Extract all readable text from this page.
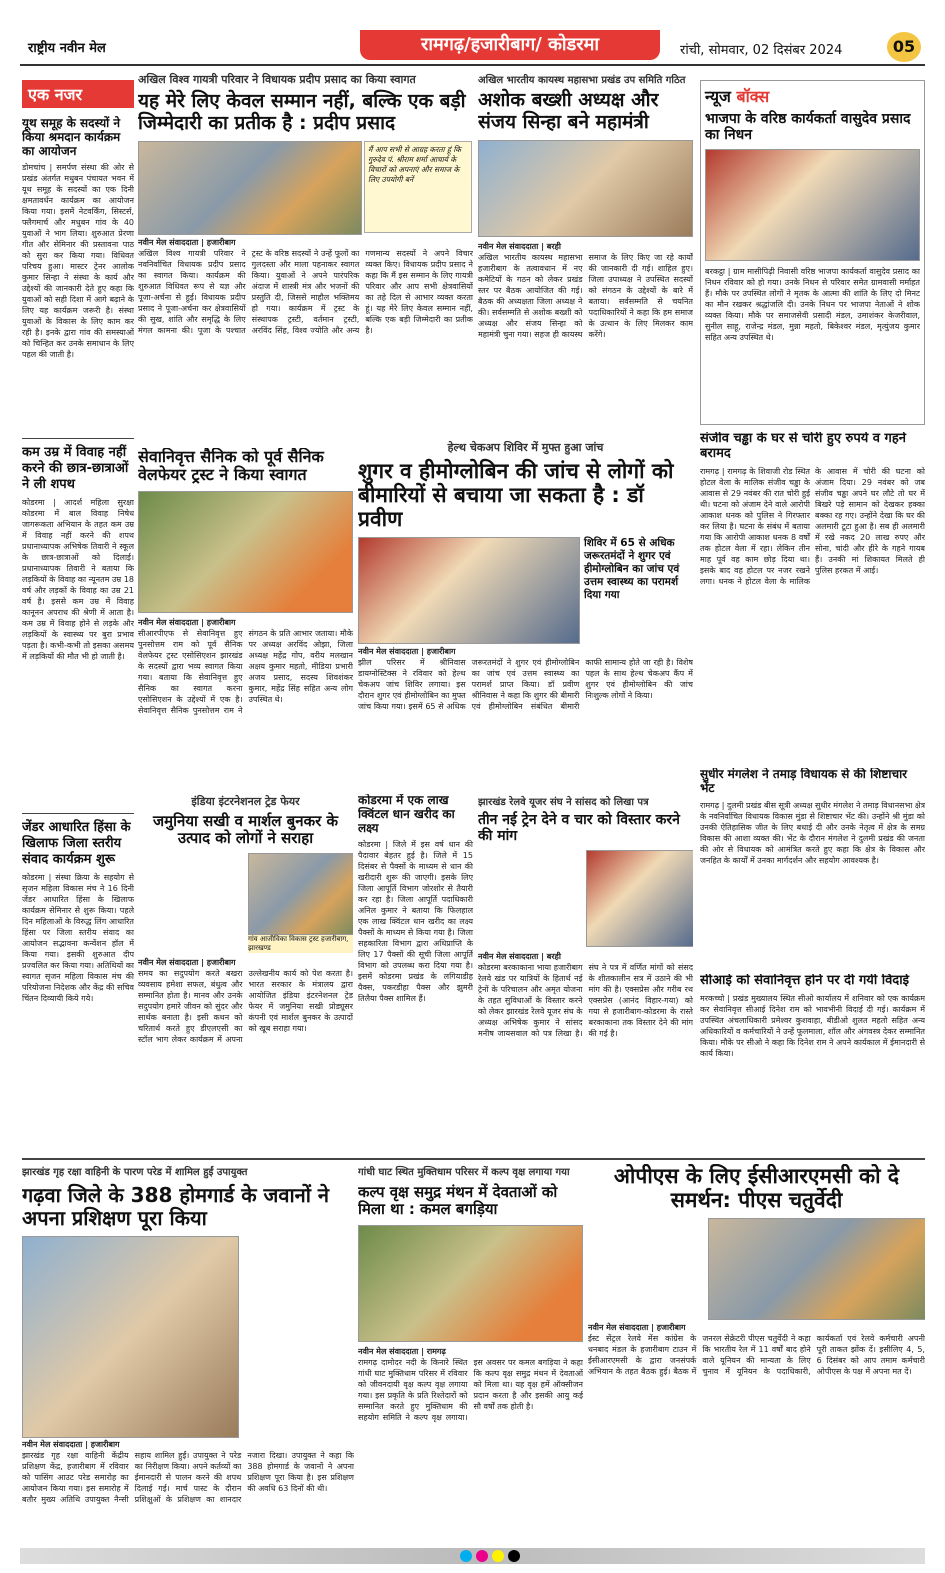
राष्ट्रीय नवीन मेल	रामगढ़/हजारीबाग/ कोडरमा	रांची, सोमवार, 02 दिसंबर 2024	05
एक नजर
यूथ समूह के सदस्यों ने किया श्रमदान कार्यक्रम का आयोजन
डोमचांच | समर्पण संस्था की ओर से प्रखंड अंतर्गत मधुबन पंचायत भवन में यूथ समूह के सदस्यों का एक दिनी क्षमतावर्धन कार्यक्रम का आयोजन किया गया। इसमें नेटवर्किंग, सिस्टर्स, फ्लैगमार्च और मधुबन गांव के 40 युवाओं ने भाग लिया। शुरुआत प्रेरणा गीत और सेमिनार की प्रस्तावना पाठ को सुरा कर किया गया। विधिवत परिचय हुआ। मास्टर ट्रेनर आलोक कुमार सिन्हा ने संस्था के कार्य और उद्देश्यों की जानकारी देते हुए कहा कि युवाओं को सही दिशा में आगे बढ़ाने के लिए यह कार्यक्रम जरूरी है। संस्था युवाओं के विकास के लिए काम कर रही है। इनके द्वारा गांव की समस्याओं को चिन्हित कर उनके समाधान के लिए पहल की जाती है।
कम उम्र में विवाह नहीं करने की छात्र-छात्राओं ने ली शपथ
कोडरमा | आदर्श महिला सुरक्षा कोडरमा में बाल विवाह निषेध जागरूकता अभियान के तहत कम उम्र में विवाह नहीं करने की शपथ प्रधानाध्यापक अभिषेक तिवारी ने स्कूल के छात्र-छात्राओं को दिलाई। प्रधानाध्यापक तिवारी ने बताया कि लड़कियों के विवाह का न्यूनतम उम्र 18 वर्ष और लड़कों के विवाह का उम्र 21 वर्ष है। इससे कम उम्र में विवाह कानूनन अपराध की श्रेणी में आता है। कम उम्र में विवाह होने से लड़के और लड़कियों के स्वास्थ्य पर बुरा प्रभाव पड़ता है। कभी-कभी तो इसका असमय में लड़कियों की मौत भी हो जाती है।
जेंडर आधारित हिंसा के खिलाफ जिला स्तरीय संवाद कार्यक्रम शुरू
कोडरमा | संस्था क्रिया के सहयोग से सृजन महिला विकास मंच ने 16 दिनी जेंडर आधारित हिंसा के खिलाफ कार्यक्रम सेमिनार से शुरू किया। पहले दिन महिलाओं के विरुद्ध लिंग आधारित हिंसा पर जिला स्तरीय संवाद का आयोजन सद्भावना कन्वेंशन हॉल में किया गया। इसकी शुरुआत दीप प्रज्वलित कर किया गया। अतिथियों का स्वागत सृजन महिला विकास मंच की परियोजना निदेशक और केंद्र की सचिव चिंतन दिव्यायी किये गये।
अखिल विश्व गायत्री परिवार ने विधायक प्रदीप प्रसाद का किया स्वागत
यह मेरे लिए केवल सम्मान नहीं, बल्कि एक बड़ी जिम्मेदारी का प्रतीक है : प्रदीप प्रसाद
मैं आप सभी से आग्रह करता हूं कि गुरुदेव पं. श्रीराम शर्मा आचार्य के विचारों को अपनाएं और समाज के लिए उपयोगी बनें
नवीन मेल संवाददाता | हजारीबाग
अखिल विश्व गायत्री परिवार ने नवनिर्वाचित विधायक प्रदीप प्रसाद का स्वागत किया। कार्यक्रम की शुरुआत विधिवत रूप से यज्ञ और पूजा-अर्चना से हुई। विधायक प्रदीप प्रसाद ने पूजा-अर्चना कर क्षेत्रवासियों की सुख, शांति और समृद्धि के लिए मंगल कामना की। पूजा के पश्चात ट्रस्ट के वरिष्ठ सदस्यों ने उन्हें फूलों का गुलदस्ता और माला पहनाकर स्वागत किया। युवाओं ने अपने पारंपरिक अंदाज में शास्त्री मंत्र और भजनों की प्रस्तुति दी, जिससे माहौल भक्तिमय हो गया। कार्यक्रम में ट्रस्ट के संस्थापक ट्रस्टी, वर्तमान ट्रस्टी, अरविंद सिंह, विश्व ज्योति और अन्य गणमान्य सदस्यों ने अपने विचार व्यक्त किए। विधायक प्रदीप प्रसाद ने कहा कि मैं इस सम्मान के लिए गायत्री परिवार और आप सभी क्षेत्रवासियों का तहे दिल से आभार व्यक्त करता हूं। यह मेरे लिए केवल सम्मान नहीं, बल्कि एक बड़ी जिम्मेदारी का प्रतीक है।
अखिल भारतीय कायस्थ महासभा प्रखंड उप समिति गठित
अशोक बख्शी अध्यक्ष और संजय सिन्हा बने महामंत्री
नवीन मेल संवाददाता | बरही
अखिल भारतीय कायस्थ महासभा हजारीबाग के तत्वावधान में नए कमेटियों के गठन को लेकर प्रखंड स्तर पर बैठक आयोजित की गई। बैठक की अध्यक्षता जिला अध्यक्ष ने की। सर्वसम्मति से अशोक बख्शी को अध्यक्ष और संजय सिन्हा को महामंत्री चुना गया। सहज ही कायस्थ समाज के लिए किए जा रहे कार्यों की जानकारी दी गई। शाहिल हुए। जिला उपाध्यक्ष ने उपस्थित सदस्यों को संगठन के उद्देश्यों के बारे में बताया। सर्वसम्मति से चयनित पदाधिकारियों ने कहा कि हम समाज के उत्थान के लिए मिलकर काम करेंगे।
न्यूज बॉक्स
भाजपा के वरिष्ठ कार्यकर्ता वासुदेव प्रसाद का निधन
बरकट्ठा | ग्राम मासीपिढ़ी निवासी वरिष्ठ भाजपा कार्यकर्ता वासुदेव प्रसाद का निधन रविवार को हो गया। उनके निधन से परिवार समेत ग्रामवासी मर्माहत हैं। मौके पर उपस्थित लोगों ने मृतक के आत्मा की शांति के लिए दो मिनट का मौन रखकर श्रद्धांजलि दी। उनके निधन पर भाजपा नेताओं ने शोक व्यक्त किया। मौके पर समाजसेवी प्रसादी मंडल, उमाशंकर केजरीवाल, सुनील साहू, राजेन्द्र मंडल, मुन्ना महतो, बिकेश्वर मंडल, मृत्युंजय कुमार सहित अन्य उपस्थित थे।
संजीव चड्ढा के घर से चोरी हुए रुपये व गहने बरामद
रामगढ़ | रामगढ़ के शिवाजी रोड स्थित होटल वेला के मालिक संजीव चड्ढा के आवास से 29 नवंबर की रात चोरी हुई थी। घटना को अंजाम देने वाले आरोपी आकाश धनक को पुलिस ने गिरफ्तार कर लिया है। घटना के संबंध में बताया गया कि आरोपी आकाश धनक 8 वर्षों तक होटल वेला में रहा। लेकिन तीन माह पूर्व वह काम छोड़ दिया था। इसके बाद वह होटल पर नजर रखने लगा। धनक ने होटल वेला के मालिक के आवास में चोरी की घटना को अंजाम दिया। 29 नवंबर को जब संजीव चड्ढा अपने घर लौटे तो घर में बिखरे पड़े सामान को देखकर हक्का बक्का रह गए। उन्होंने देखा कि घर की अलमारी टूटा हुआ है। सब ही अलमारी में रखे नकद 20 लाख रुपए और सोना, चांदी और हीरे के गहने गायब हैं। उनकी मां शिकायत मिलते ही पुलिस हरकत में आई।
सेवानिवृत्त सैनिक को पूर्व सैनिक वेलफेयर ट्रस्ट ने किया स्वागत
नवीन मेल संवाददाता | हजारीबाग
सीआरपीएफ से सेवानिवृत्त हुए पुनसोत्तम राम को पूर्व सैनिक वेलफेयर ट्रस्ट एसोसिएशन झारखंड के सदस्यों द्वारा भव्य स्वागत किया गया। बताया कि सेवानिवृत्त हुए सैनिक का स्वागत करना एसोसिएशन के उद्देश्यों में एक है। सेवानिवृत्त सैनिक पुनसोत्तम राम ने संगठन के प्रति आभार जताया। मौके पर अध्यक्ष अरविंद ओझा, जिला अध्यक्ष महेंद्र गोप, वरीय मलखान अक्षय कुमार महतो, मीडिया प्रभारी अजय प्रसाद, सदस्य शिवशंकर कुमार, महेंद्र सिंह सहित अन्य लोग उपस्थित थे।
हेल्थ चेकअप शिविर में मुफ्त हुआ जांच
शुगर व हीमोग्लोबिन की जांच से लोगों को बीमारियों से बचाया जा सकता है : डॉ प्रवीण
शिविर में 65 से अधिक जरूरतमंदों ने शुगर एवं हीमोग्लोबिन का जांच एवं उत्तम स्वास्थ्य का परामर्श दिया गया
नवीन मेल संवाददाता | हजारीबाग
झील परिसर में श्रीनिवास डायग्नोस्टिक्स ने रविवार को हेल्थ चेकअप जांच शिविर लगाया। इस दौरान शुगर एवं हीमोग्लोबिन का मुफ्त जांच किया गया। इसमें 65 से अधिक जरूरतमंदों ने शुगर एवं हीमोग्लोबिन का जांच एवं उत्तम स्वास्थ्य का परामर्श प्राप्त किया। डॉ प्रवीण श्रीनिवास ने कहा कि शुगर की बीमारी एवं हीमोग्लोबिन संबंधित बीमारी काफी सामान्य होते जा रही है। विशेष पहल के साथ हेल्थ चेकअप कैंप में शुगर एवं हीमोग्लोबिन की जांच निःशुल्क लोगों ने किया।
इंडिया इंटरनेशनल ट्रेड फेयर
जमुनिया सखी व मार्शल बुनकर के उत्पाद को लोगों ने सराहा
गांव आजीविका विकास ट्रस्ट हजारीबाग, झारखण्ड
नवीन मेल संवाददाता | हजारीबाग
समय का सदुपयोग करते बखरा व्यवसाय हमेशा सफल, बंधुत्व और सम्मानित होता है। मानव और उनके सदुपयोग हमारे जीवन को सुंदर और सार्थक बनाता है। इसी कथन को चरितार्थ करते हुए डीएलएसी का स्टॉल भाग लेकर कार्यक्रम में अपना उल्लेखनीय कार्य को पेश करता है। भारत सरकार के मंत्रालय द्वारा आयोजित इंडिया इंटरनेशनल ट्रेड फेयर में जमुनिया सखी प्रोड्यूसर कंपनी एवं मार्शल बुनकर के उत्पादों को खूब सराहा गया।
कोडरमा में एक लाख क्विंटल धान खरीद का लक्ष्य
कोडरमा | जिले में इस वर्ष धान की पैदावार बेहतर हुई है। जिले में 15 दिसंबर से पैक्सों के माध्यम से धान की खरीदारी शुरू की जाएगी। इसके लिए जिला आपूर्ति विभाग जोरशोर से तैयारी कर रहा है। जिला आपूर्ति पदाधिकारी अनिल कुमार ने बताया कि फिलहाल एक लाख क्विंटल धान खरीद का लक्ष्य पैक्सों के माध्यम से किया गया है। जिला सहकारिता विभाग द्वारा अधिप्राप्ति के लिए 17 पैक्सों की सूची जिला आपूर्ति विभाग को उपलब्ध करा दिया गया है। इसमें कोडरमा प्रखंड के लगियाडीह पैक्स, पकरडीहा पैक्स और झुमरी तिलैया पैक्स शामिल हैं।
झारखंड रेलवे यूजर संघ ने सांसद को लिखा पत्र
तीन नई ट्रेन देने व चार को विस्तार करने की मांग
नवीन मेल संवाददाता | बरही
कोडरमा बरकाकाना भाया हजारीबाग रेलवे खंड पर यात्रियों के हितार्थ नई ट्रेनों के परिचालन और अमृत योजना के तहत सुविधाओं के विस्तार करने को लेकर झारखंड रेलवे यूजर संघ के अध्यक्ष अभिषेक कुमार ने सांसद मनीष जायसवाल को पत्र लिखा है। संघ ने पत्र में वर्णित मांगों को संसद के शीतकालीन सत्र में उठाने की भी मांग की है। एक्सप्रेस और गरीब रथ एक्सप्रेस (आनंद विहार-गया) को गया से हजारीबाग-कोडरमा के रास्ते बरकाकाना तक विस्तार देने की मांग की गई है।
सुधीर मंगलेश ने तमाड़ विधायक से की शिष्टाचार भेंट
रामगढ़ | दुलमी प्रखंड बीस सूत्री अध्यक्ष सुधीर मंगलेश ने तमाड़ विधानसभा क्षेत्र के नवनिर्वाचित विधायक विकास मुंडा से शिष्टाचार भेंट की। उन्होंने श्री मुंडा को उनकी ऐतिहासिक जीत के लिए बधाई दी और उनके नेतृत्व में क्षेत्र के समग्र विकास की आशा व्यक्त की। भेंट के दौरान मंगलेश ने दुलमी प्रखंड की जनता की ओर से विधायक को आमंत्रित करते हुए कहा कि क्षेत्र के विकास और जनहित के कार्यों में उनका मार्गदर्शन और सहयोग आवश्यक है।
सीआई को सेवानिवृत्त होने पर दी गयी विदाई
मरकच्चो | प्रखंड मुख्यालय स्थित सीओ कार्यालय में शनिवार को एक कार्यक्रम कर सेवानिवृत्त सीआई दिनेश राम को भावभीनी विदाई दी गई। कार्यक्रम में उपस्थित अंचलाधिकारी प्रमेश्वर कुशवाहा, बीडीओ शुलत महतो सहित अन्य अधिकारियों व कर्मचारियों ने उन्हें फूलमाला, शॉल और अंगवस्त्र देकर सम्मानित किया। मौके पर सीओ ने कहा कि दिनेश राम ने अपने कार्यकाल में ईमानदारी से कार्य किया।
झारखंड गृह रक्षा वाहिनी के पारण परेड में शामिल हुईं उपायुक्त
गढ़वा जिले के 388 होमगार्ड के जवानों ने अपना प्रशिक्षण पूरा किया
नवीन मेल संवाददाता | हजारीबाग
झारखंड गृह रक्षा वाहिनी केंद्रीय प्रशिक्षण केंद्र, हजारीबाग में रविवार को पासिंग आउट परेड समारोह का आयोजन किया गया। इस समारोह में बतौर मुख्य अतिथि उपायुक्त नैन्सी सहाय शामिल हुईं। उपायुक्त ने परेड का निरीक्षण किया। अपने कर्तव्यों का ईमानदारी से पालन करने की शपथ दिलाई गई। मार्च पास्ट के दौरान प्रशिक्षुओं के प्रशिक्षण का शानदार नजारा दिखा। उपायुक्त ने कहा कि 388 होमगार्ड के जवानों ने अपना प्रशिक्षण पूरा किया है। इस प्रशिक्षण की अवधि 63 दिनों की थी।
गांधी घाट स्थित मुक्तिधाम परिसर में कल्प वृक्ष लगाया गया
कल्प वृक्ष समुद्र मंथन में देवताओं को मिला था : कमल बगड़िया
नवीन मेल संवाददाता | रामगढ़
रामगढ़ दामोदर नदी के किनारे स्थित गांधी घाट मुक्तिधाम परिसर में रविवार को जीवनदायी वृक्ष कल्प वृक्ष लगाया गया। इस प्रकृति के प्रति रिश्तेदारों को सम्मानित करते हुए मुक्तिधाम की सहयोग समिति ने कल्प वृक्ष लगाया। इस अवसर पर कमल बगड़िया ने कहा कि कल्प वृक्ष समुद्र मंथन में देवताओं को मिला था। यह वृक्ष हमें ऑक्सीजन प्रदान करता है और इसकी आयु कई सौ वर्षों तक होती है।
ओपीएस के लिए ईसीआरएमसी को दे समर्थन: पीएस चतुर्वेदी
नवीन मेल संवाददाता | हजारीबाग
ईस्ट सेंट्रल रेलवे मेंस कांग्रेस के धनबाद मंडल के हजारीबाग टाउन में ईसीआरएमसी के द्वारा जनसंपर्क अभियान के तहत बैठक हुई। बैठक में जनरल सेक्रेटरी पीएस चतुर्वेदी ने कहा कि भारतीय रेल में 11 वर्षों बाद होने वाले यूनियन की मान्यता के लिए चुनाव में यूनियन के पदाधिकारी, कार्यकर्ता एवं रेलवे कर्मचारी अपनी पूरी ताकत झोंक दें। इसीलिए 4, 5, 6 दिसंबर को आप तमाम कर्मचारी ओपीएस के पक्ष में अपना मत दें।
